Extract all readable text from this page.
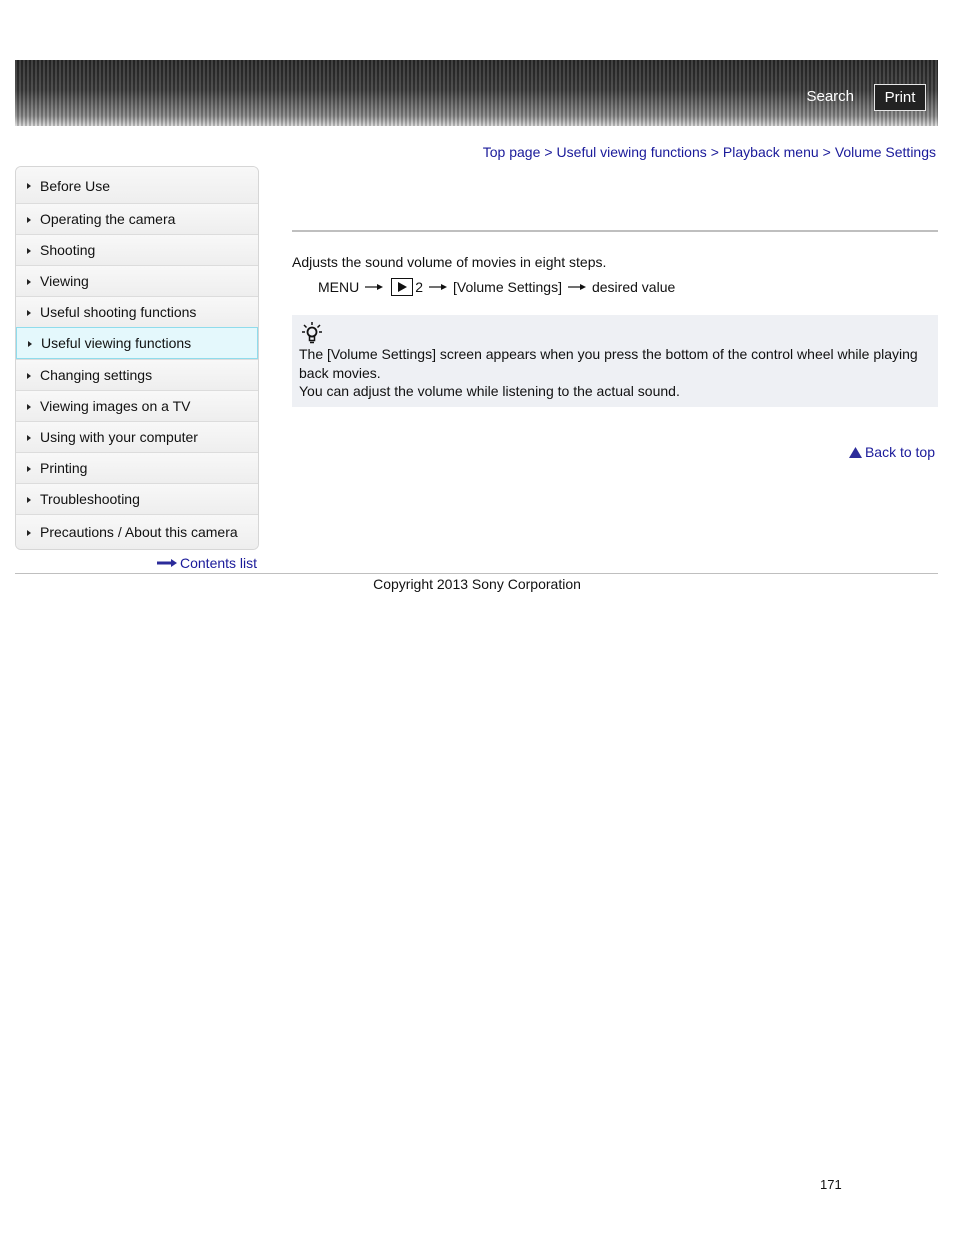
Search	Print
Top page > Useful viewing functions > Playback menu > Volume Settings
Before Use
Operating the camera
Shooting
Viewing
Useful shooting functions
Useful viewing functions
Changing settings
Viewing images on a TV
Using with your computer
Printing
Troubleshooting
Precautions / About this camera
Contents list
Adjusts the sound volume of movies in eight steps.
MENU	2 [Volume Settings] desired value
The [Volume Settings] screen appears when you press the bottom of the control wheel while playing back movies.
You can adjust the volume while listening to the actual sound.
Back to top
Copyright 2013 Sony Corporation
171
